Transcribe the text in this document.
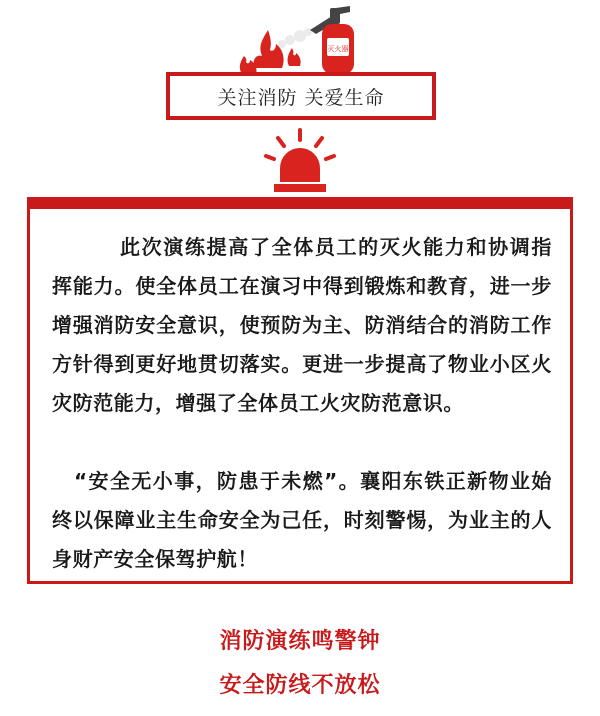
灭火器
关注消防 关爱生命

此次演练提高了全体员工的灭火能力和协调指挥能力。使全体员工在演习中得到锻炼和教育，进一步增强消防安全意识，使预防为主、防消结合的消防工作方针得到更好地贯切落实。更进一步提高了物业小区火灾防范能力，增强了全体员工火灾防范意识。

“安全无小事，防患于未燃”。襄阳东铁正新物业始终以保障业主生命安全为己任，时刻警惕，为业主的人身财产安全保驾护航！

消防演练鸣警钟
安全防线不放松
